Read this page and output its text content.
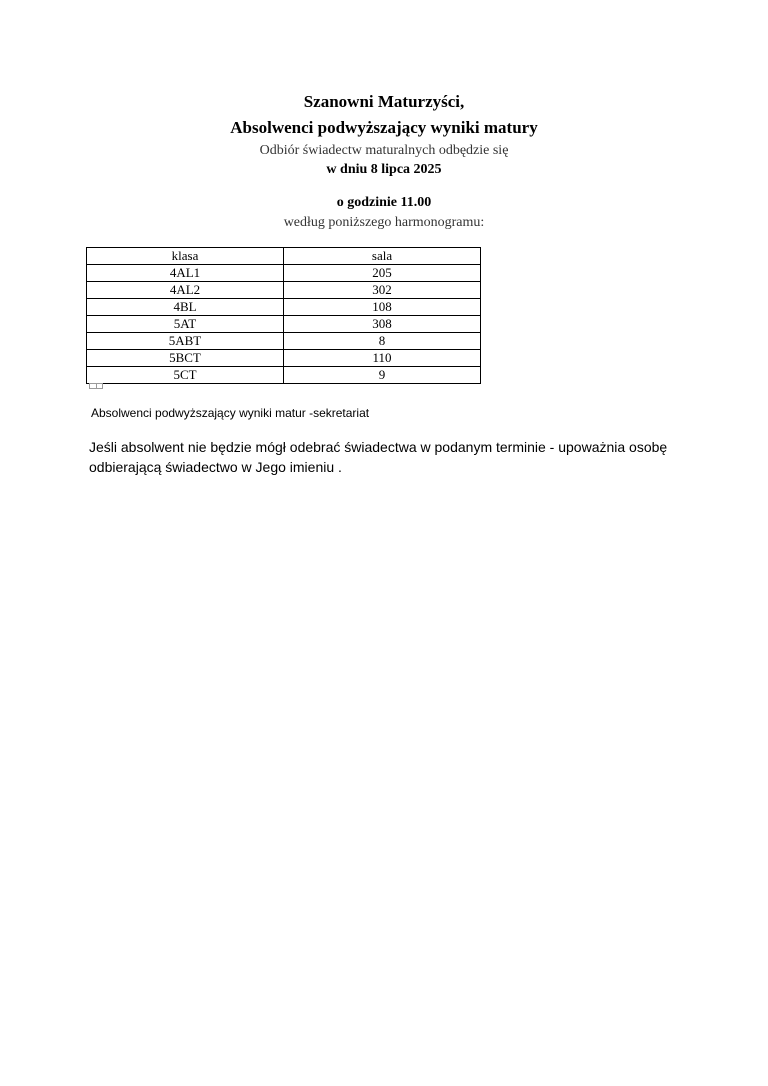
Szanowni Maturzyści,
Absolwenci podwyższający wyniki matury
Odbiór świadectw maturalnych odbędzie się
w dniu 8 lipca 2025
o godzinie 11.00
według poniższego harmonogramu:
klasa	sala
4AL1	205
4AL2	302
4BL	108
5AT	308
5ABT	8
5BCT	110
5CT	9
Absolwenci podwyższający wyniki matur -sekretariat
Jeśli absolwent nie będzie mógł odebrać świadectwa w podanym terminie - upoważnia osobę
odbierającą świadectwo w Jego imieniu .
